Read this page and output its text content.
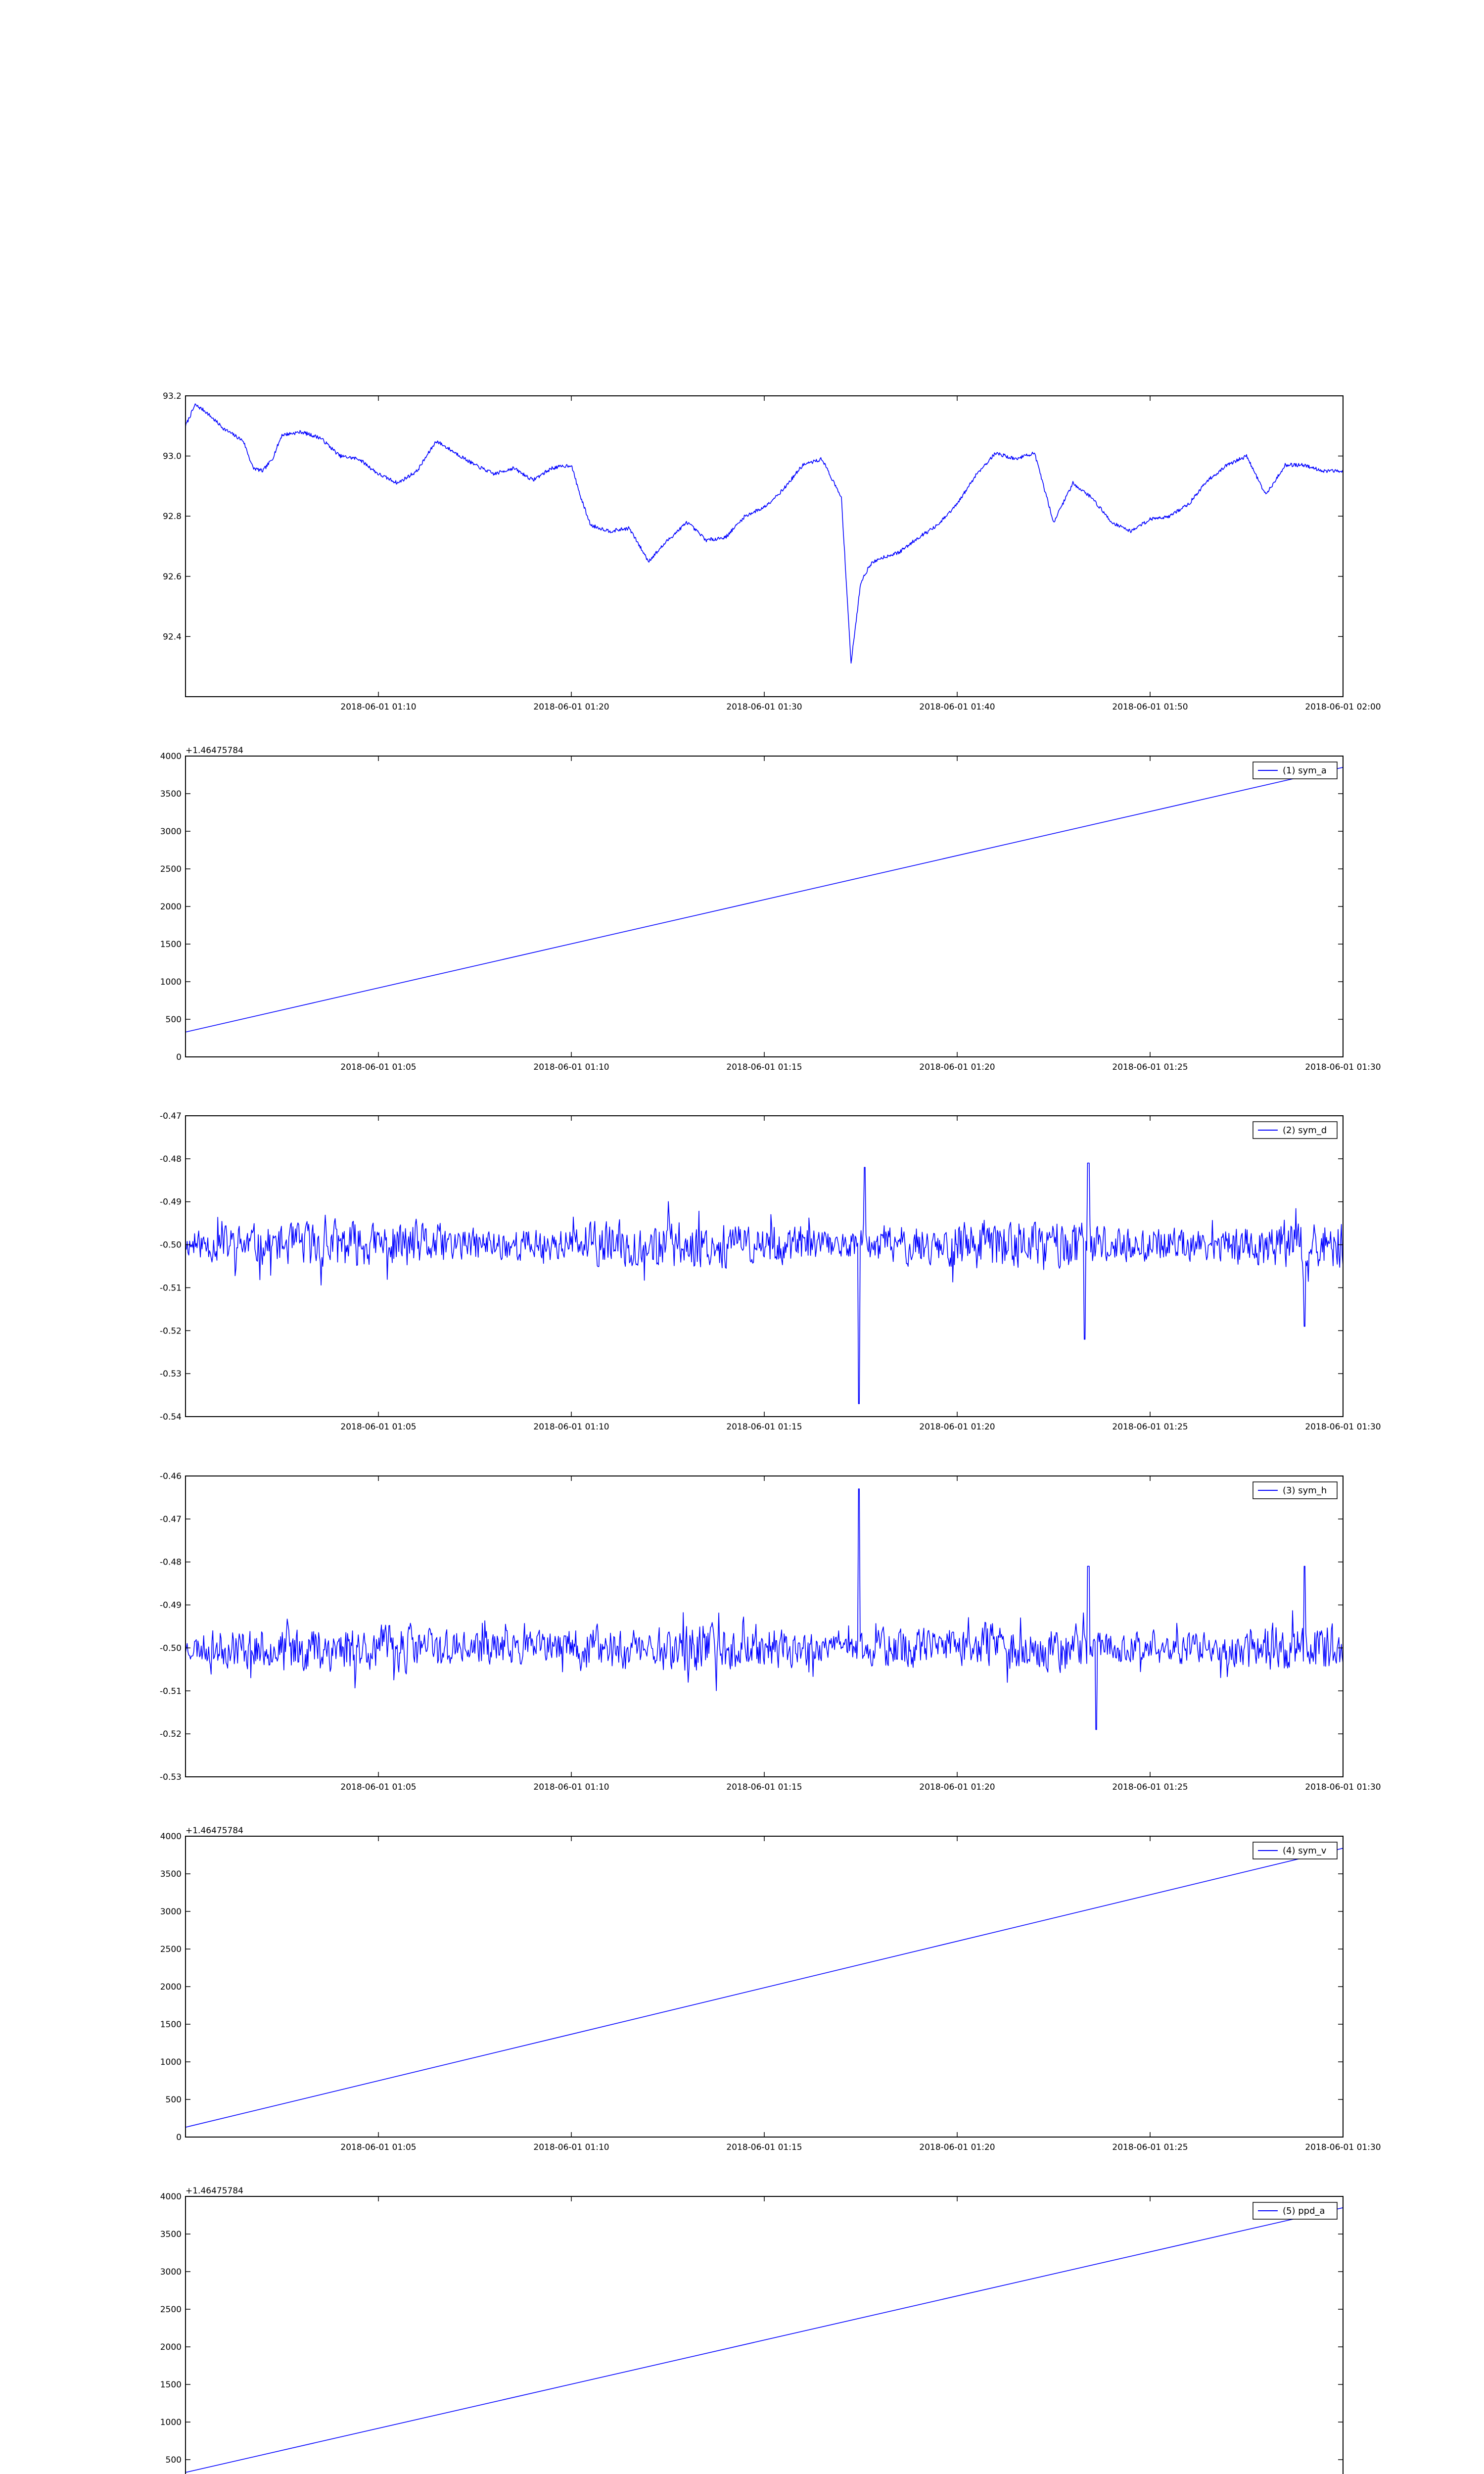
92.4
92.6
92.8
93.0
93.2
2018-06-01 01:10	2018-06-01 01:20	2018-06-01 01:30	2018-06-01 01:40	2018-06-01 01:50	2018-06-01 02:00
0
500
1000
1500
2000
2500
3000
3500
4000
2018-06-01 01:05	2018-06-01 01:10	2018-06-01 01:15	2018-06-01 01:20	2018-06-01 01:25	2018-06-01 01:30
+1.46475784
(1) sym_a
-0.54
-0.53
-0.52
-0.51
-0.50
-0.49
-0.48
-0.47
2018-06-01 01:05	2018-06-01 01:10	2018-06-01 01:15	2018-06-01 01:20	2018-06-01 01:25	2018-06-01 01:30
(2) sym_d
-0.53
-0.52
-0.51
-0.50
-0.49
-0.48
-0.47
-0.46
2018-06-01 01:05	2018-06-01 01:10	2018-06-01 01:15	2018-06-01 01:20	2018-06-01 01:25	2018-06-01 01:30
(3) sym_h
0
500
1000
1500
2000
2500
3000
3500
4000
2018-06-01 01:05	2018-06-01 01:10	2018-06-01 01:15	2018-06-01 01:20	2018-06-01 01:25	2018-06-01 01:30
+1.46475784
(4) sym_v
500
1000
1500
2000
2500
3000
3500
4000
+1.46475784
(5) ppd_a
